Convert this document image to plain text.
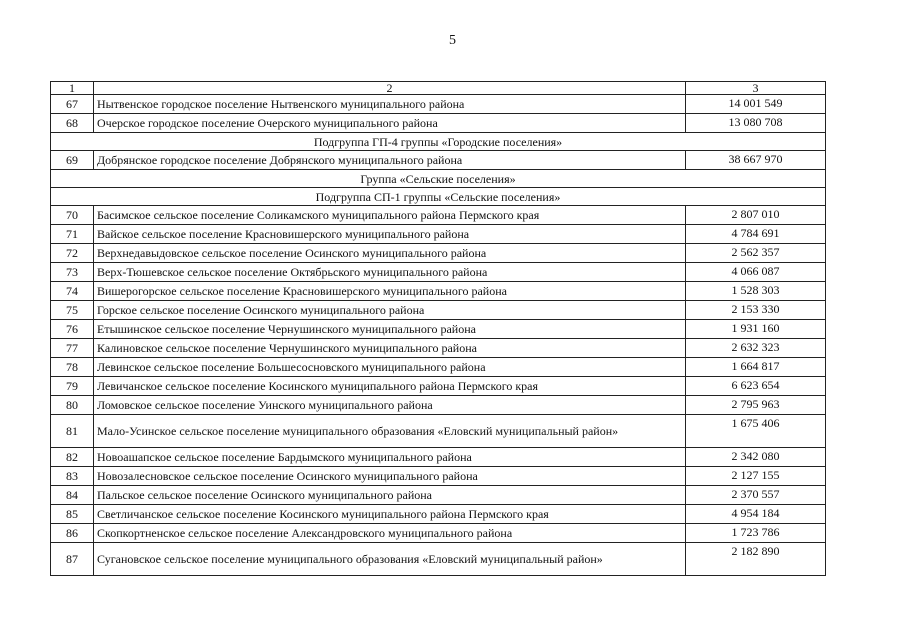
5
1	2	3
67	Нытвенское городское поселение Нытвенского муниципального района	14 001 549
68	Очерское городское поселение Очерского муниципального района	13 080 708
Подгруппа ГП-4 группы «Городские поселения»		
69	Добрянское городское поселение Добрянского муниципального района	38 667 970
Группа «Сельские поселения»		
Подгруппа СП-1 группы «Сельские поселения»		
70	Басимское сельское поселение Соликамского муниципального района Пермского края	2 807 010
71	Вайское сельское поселение Красновишерского муниципального района	4 784 691
72	Верхнедавыдовское сельское поселение Осинского муниципального района	2 562 357
73	Верх-Тюшевское сельское поселение Октябрьского муниципального района	4 066 087
74	Вишерогорское сельское поселение Красновишерского муниципального района	1 528 303
75	Горское сельское поселение Осинского муниципального района	2 153 330
76	Етышинское сельское поселение Чернушинского муниципального района	1 931 160
77	Калиновское сельское поселение Чернушинского муниципального района	2 632 323
78	Левинское сельское поселение Большесосновского муниципального района	1 664 817
79	Левичанское сельское поселение Косинского муниципального района Пермского края	6 623 654
80	Ломовское сельское поселение Уинского муниципального района	2 795 963
81	Мало-Усинское сельское поселение муниципального образования «Еловский муниципальный район»	1 675 406
82	Новоашапское сельское поселение Бардымского муниципального района	2 342 080
83	Новозалесновское сельское поселение Осинского муниципального района	2 127 155
84	Пальское сельское поселение Осинского муниципального района	2 370 557
85	Светличанское сельское поселение Косинского муниципального района Пермского края	4 954 184
86	Скопкортненское сельское поселение Александровского муниципального района	1 723 786
87	Сугановское сельское поселение муниципального образования «Еловский муниципальный район»	2 182 890
